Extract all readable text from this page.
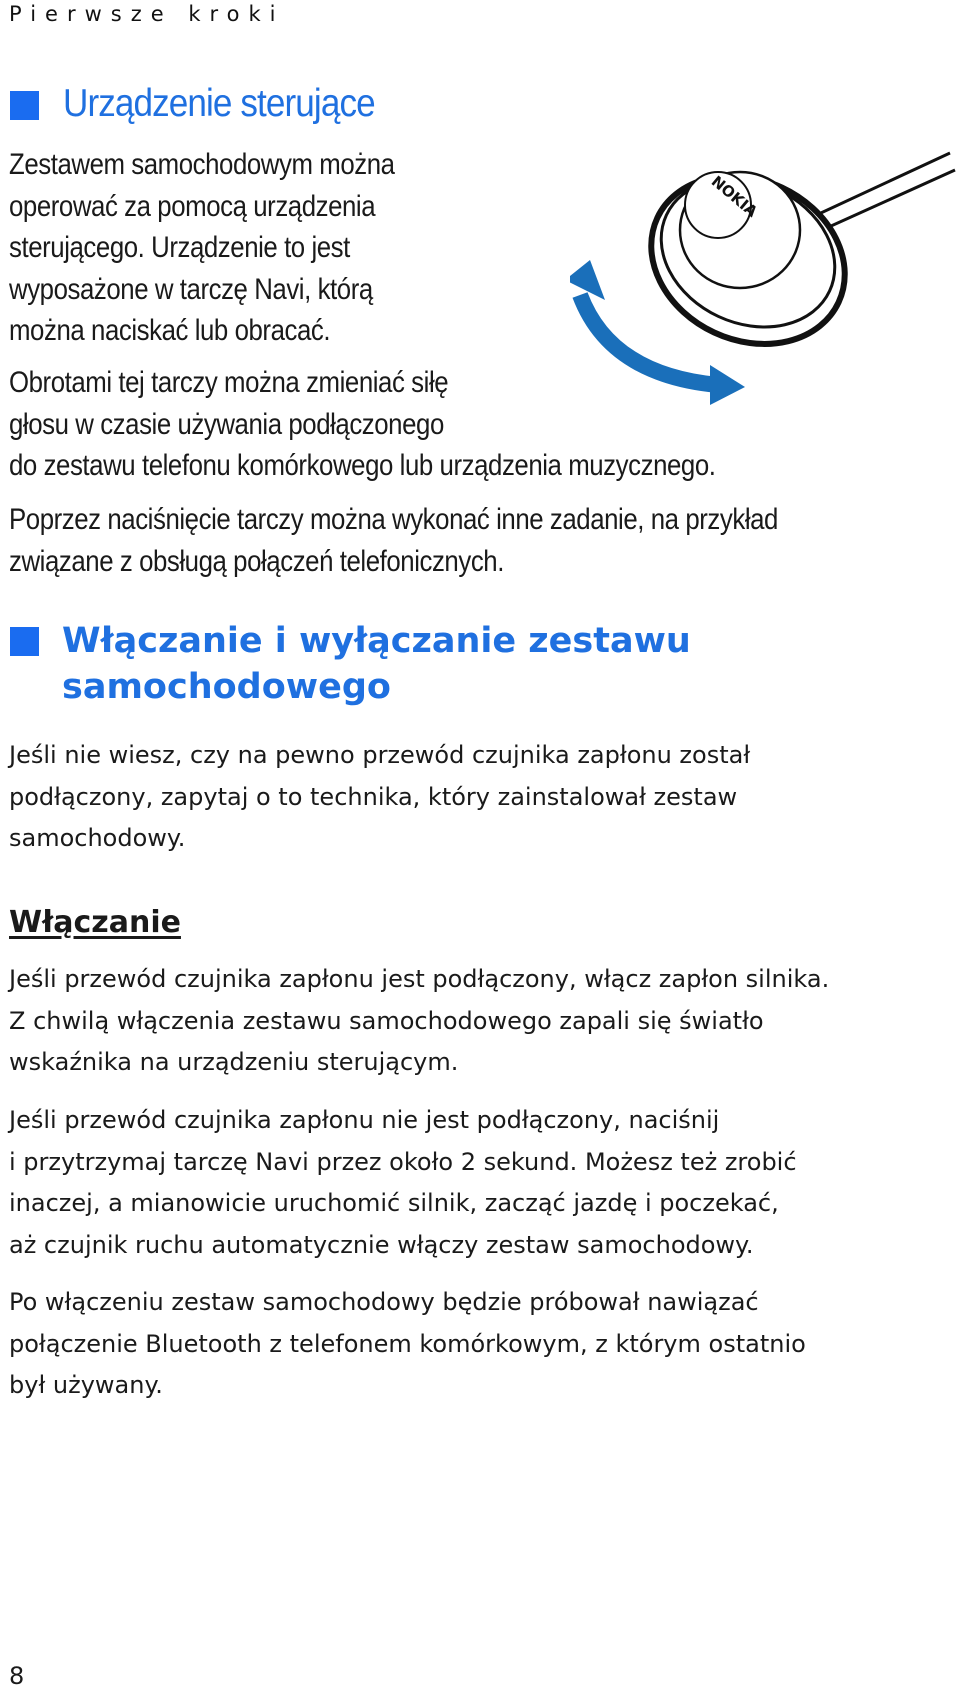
Pierwsze kroki
Urządzenie sterujące
Zestawem samochodowym można
operować za pomocą urządzenia
sterującego. Urządzenie to jest
wyposażone w tarczę Navi, którą
można naciskać lub obracać.
Obrotami tej tarczy można zmieniać siłę
głosu w czasie używania podłączonego
do zestawu telefonu komórkowego lub urządzenia muzycznego.
Poprzez naciśnięcie tarczy można wykonać inne zadanie, na przykład
związane z obsługą połączeń telefonicznych.
NOKIA
Włączanie i wyłączanie zestawu
samochodowego
Jeśli nie wiesz, czy na pewno przewód czujnika zapłonu został
podłączony, zapytaj o to technika, który zainstalował zestaw
samochodowy.
Włączanie
Jeśli przewód czujnika zapłonu jest podłączony, włącz zapłon silnika.
Z chwilą włączenia zestawu samochodowego zapali się światło
wskaźnika na urządzeniu sterującym.
Jeśli przewód czujnika zapłonu nie jest podłączony, naciśnij
i przytrzymaj tarczę Navi przez około 2 sekund. Możesz też zrobić
inaczej, a mianowicie uruchomić silnik, zacząć jazdę i poczekać,
aż czujnik ruchu automatycznie włączy zestaw samochodowy.
Po włączeniu zestaw samochodowy będzie próbował nawiązać
połączenie Bluetooth z telefonem komórkowym, z którym ostatnio
był używany.
8
